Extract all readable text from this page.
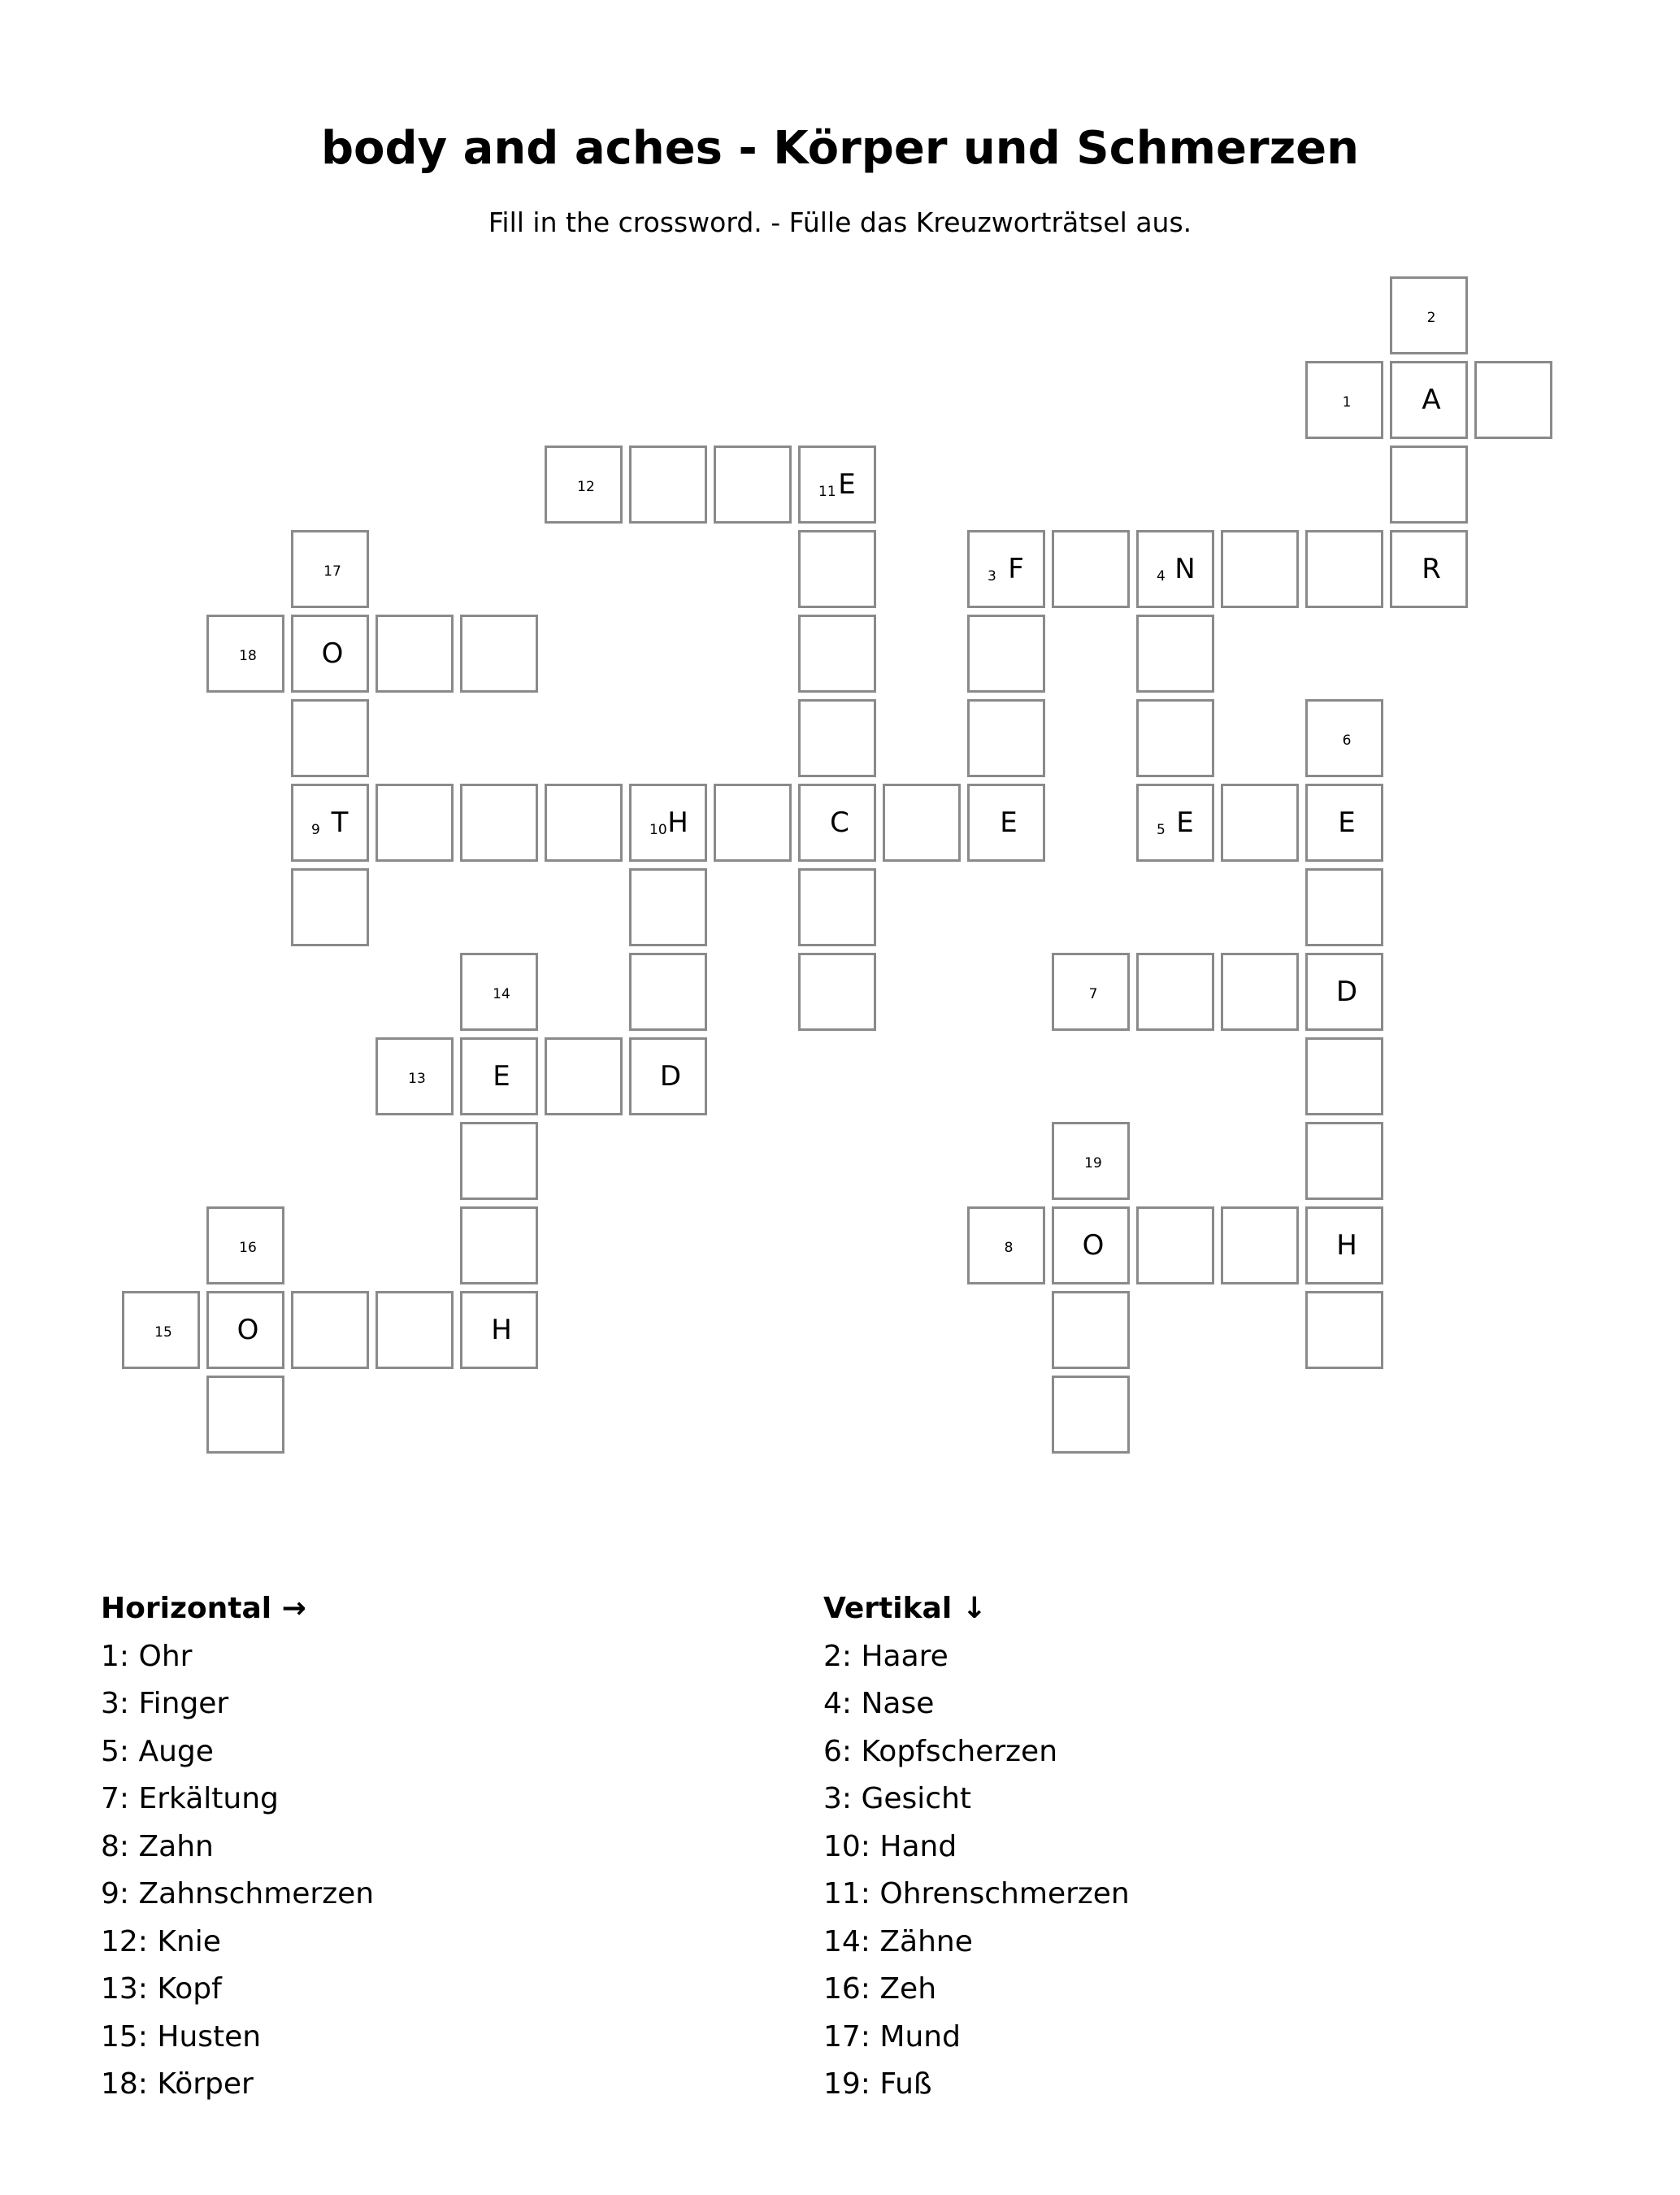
body and aches - Körper und Schmerzen
Fill in the crossword. - Fülle das Kreuzworträtsel aus.
2
1	A
12	11 E
17	3 F	4 N	R
18	O
6
9 T	10 H	C	E	5 E	E
14	7	D
13	E	D
19
16	8	O	H
15	O	H
Horizontal →
1: Ohr
3: Finger
5: Auge
7: Erkältung
8: Zahn
9: Zahnschmerzen
12: Knie
13: Kopf
15: Husten
18: Körper
Vertikal ↓
2: Haare
4: Nase
6: Kopfscherzen
3: Gesicht
10: Hand
11: Ohrenschmerzen
14: Zähne
16: Zeh
17: Mund
19: Fuß
